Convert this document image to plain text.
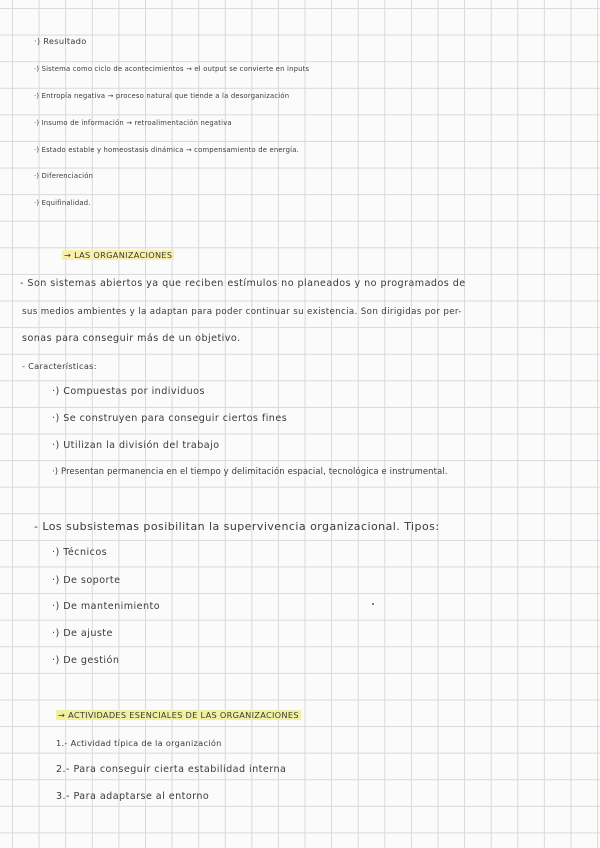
·) Resultado
·) Sistema como ciclo de acontecimientos → el output se convierte en inputs
·) Entropía negativa → proceso natural que tiende a la desorganización
·) Insumo de información → retroalimentación negativa
·) Estado estable y homeostasis dinámica → compensamiento de energía.
·) Diferenciación
·) Equifinalidad.
→ LAS ORGANIZACIONES
- Son sistemas abiertos ya que reciben estímulos no planeados y no programados de
sus medios ambientes y la adaptan para poder continuar su existencia. Son dirigidas por per-
sonas para conseguir más de un objetivo.
- Características:
·) Compuestas por individuos
·) Se construyen para conseguir ciertos fines
·) Utilizan la división del trabajo
·) Presentan permanencia en el tiempo y delimitación espacial, tecnológica e instrumental.
- Los subsistemas posibilitan la supervivencia organizacional. Tipos:
·) Técnicos
·) De soporte
·) De mantenimiento
·) De ajuste
·) De gestión
→ ACTIVIDADES ESENCIALES DE LAS ORGANIZACIONES
1.- Actividad típica de la organización
2.- Para conseguir cierta estabilidad interna
3.- Para adaptarse al entorno
